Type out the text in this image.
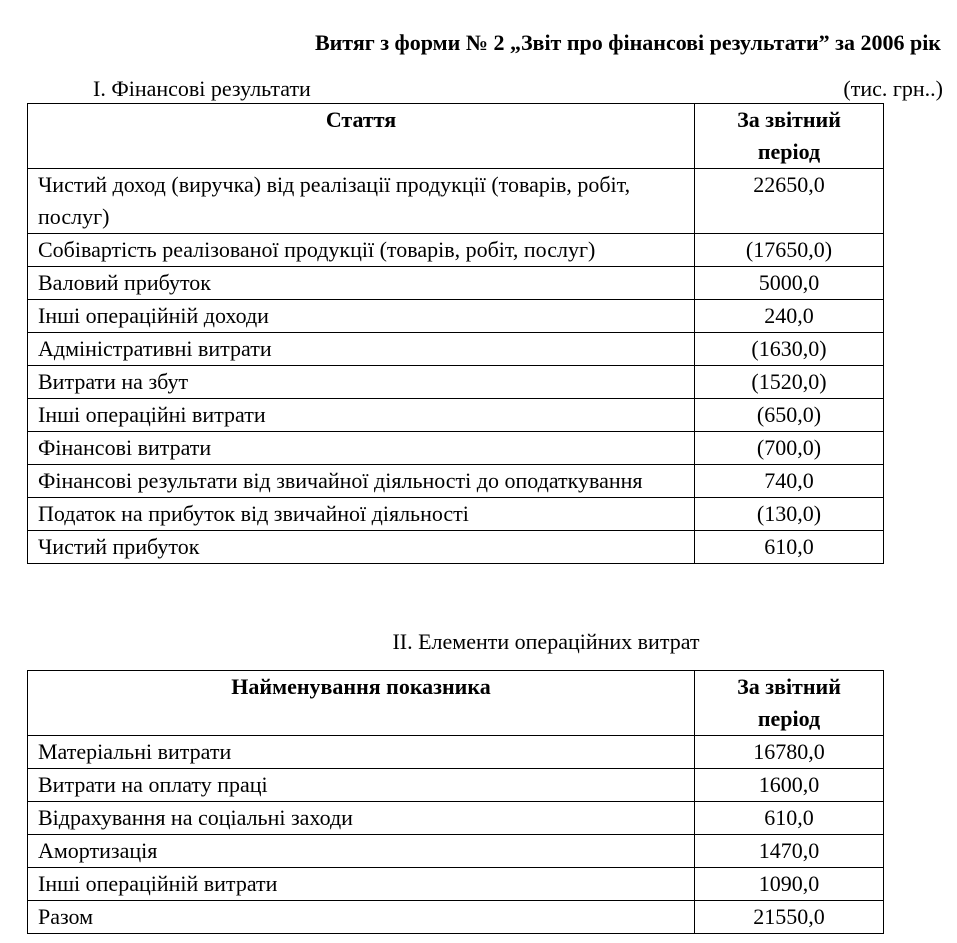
Витяг з форми № 2 „Звіт про фінансові результати” за 2006 рік
I. Фінансові результати	(тис. грн..)
Стаття	За звітний період
Чистий доход (виручка) від реалізації продукції (товарів, робіт, послуг)	22650,0
Собівартість реалізованої продукції (товарів, робіт, послуг)	(17650,0)
Валовий прибуток	5000,0
Інші операційній доходи	240,0
Адміністративні витрати	(1630,0)
Витрати на збут	(1520,0)
Інші операційні витрати	(650,0)
Фінансові витрати	(700,0)
Фінансові результати від звичайної діяльності до оподаткування	740,0
Податок на прибуток від звичайної діяльності	(130,0)
Чистий прибуток	610,0
II. Елементи операційних витрат
Найменування показника	За звітний період
Матеріальні витрати	16780,0
Витрати на оплату праці	1600,0
Відрахування на соціальні заходи	610,0
Амортизація	1470,0
Інші операційній витрати	1090,0
Разом	21550,0
